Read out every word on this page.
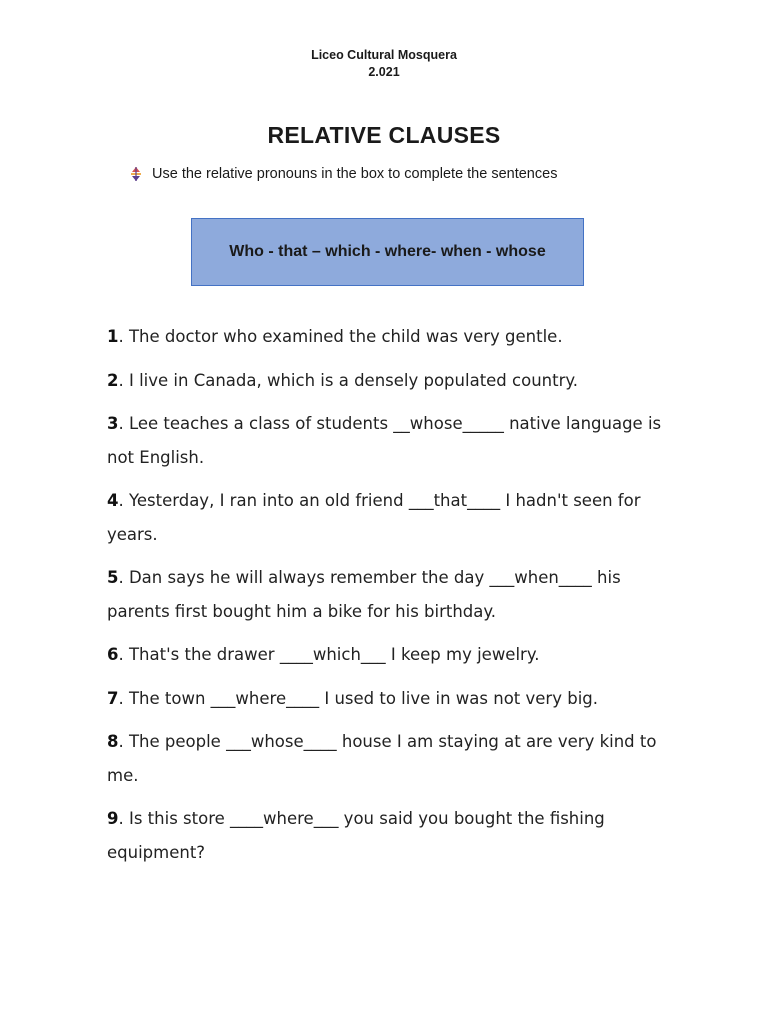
Liceo Cultural Mosquera
2.021
RELATIVE CLAUSES
Use the relative pronouns in the box to complete the sentences
Who - that – which - where- when - whose
1. The doctor who examined the child was very gentle.
2. I live in Canada, which is a densely populated country.
3. Lee teaches a class of students __whose_____ native language is not English.
4. Yesterday, I ran into an old friend ___that____ I hadn't seen for years.
5. Dan says he will always remember the day ___when____ his parents first bought him a bike for his birthday.
6. That's the drawer ____which___ I keep my jewelry.
7. The town ___where____ I used to live in was not very big.
8. The people ___whose____ house I am staying at are very kind to me.
9. Is this store ____where___ you said you bought the fishing equipment?
